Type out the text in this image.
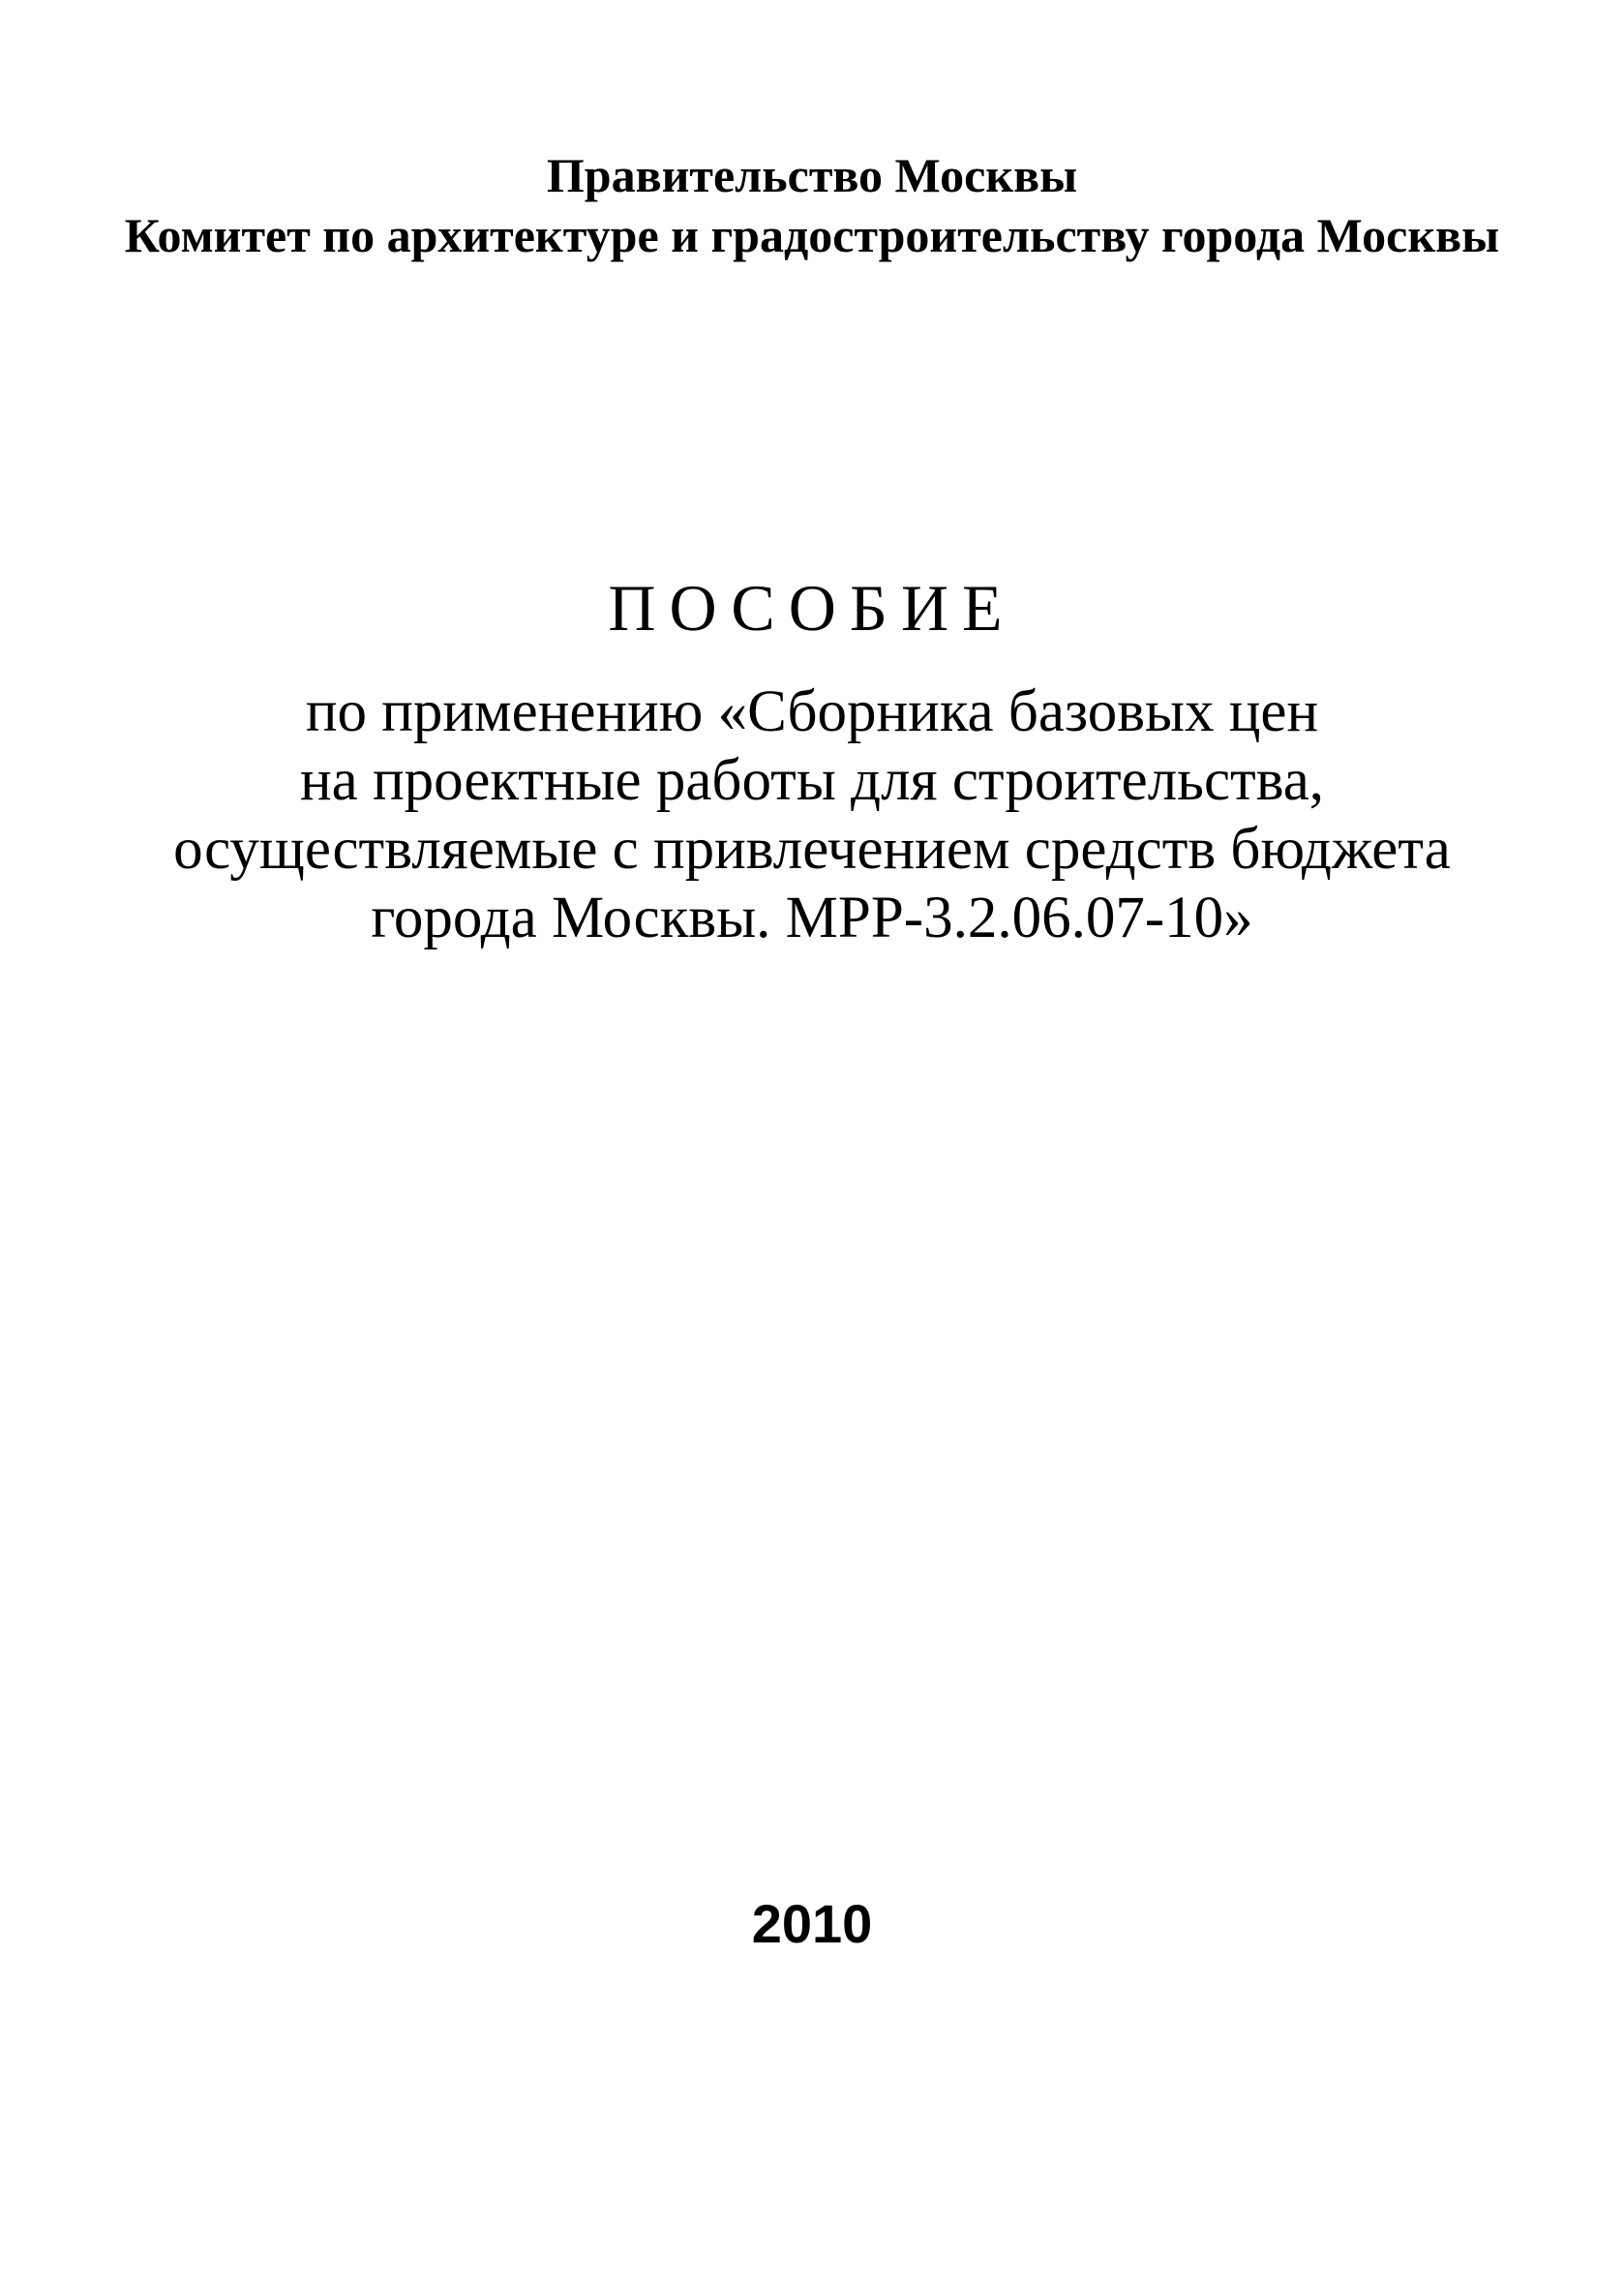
Правительство Москвы
Комитет по архитектуре и градостроительству города Москвы
ПОСОБИЕ
по применению «Сборника базовых цен
на проектные работы для строительства,
осуществляемые с привлечением средств бюджета
города Москвы. МРР-3.2.06.07-10»
2010
